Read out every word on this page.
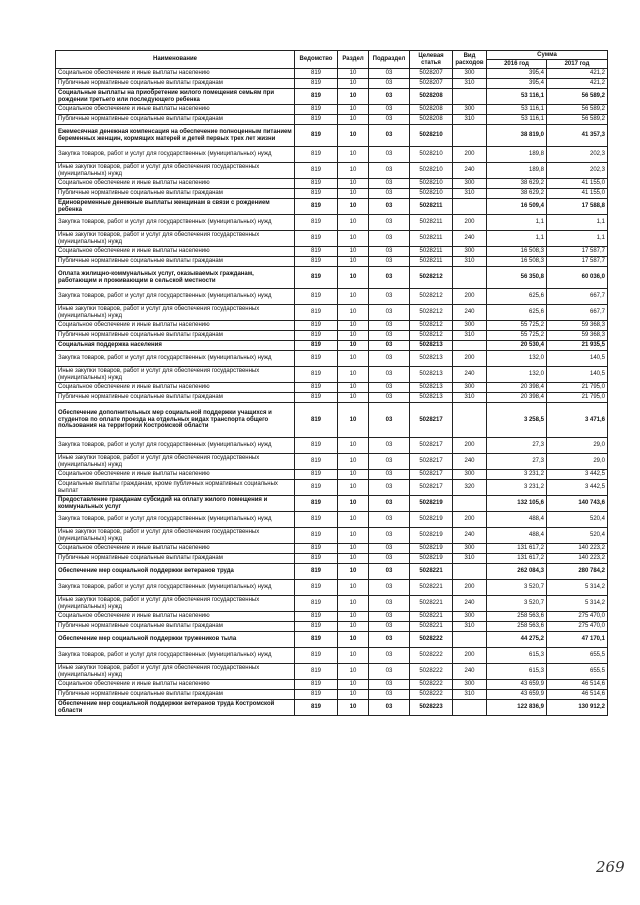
Наименование	Ведомство	Раздел	Подраздел	Целевая статья	Вид расходов	Сумма	
						2016 год	2017 год
Социальное обеспечение и иные выплаты населению	819	10	03	5028207	300	395,4	421,2
Публичные нормативные социальные выплаты гражданам	819	10	03	5028207	310	395,4	421,2
Социальные выплаты на приобретение жилого помещения семьям при рождении третьего или последующего ребенка	819	10	03	5028208		53 116,1	56 589,2
Социальное обеспечение и иные выплаты населению	819	10	03	5028208	300	53 116,1	56 589,2
Публичные нормативные социальные выплаты гражданам	819	10	03	5028208	310	53 116,1	56 589,2
Ежемесячная денежная компенсация на обеспечение полноценным питанием беременных женщин, кормящих матерей и детей первых трех лет жизни	819	10	03	5028210		38 819,0	41 357,3
Закупка товаров, работ и услуг для государственных (муниципальных) нужд	819	10	03	5028210	200	189,8	202,3
Иные закупки товаров, работ и услуг для обеспечения государственных (муниципальных) нужд	819	10	03	5028210	240	189,8	202,3
Социальное обеспечение и иные выплаты населению	819	10	03	5028210	300	38 629,2	41 155,0
Публичные нормативные социальные выплаты гражданам	819	10	03	5028210	310	38 629,2	41 155,0
Единовременные денежные выплаты женщинам в связи с рождением ребенка	819	10	03	5028211		16 509,4	17 588,8
Закупка товаров, работ и услуг для государственных (муниципальных) нужд	819	10	03	5028211	200	1,1	1,1
Иные закупки товаров, работ и услуг для обеспечения государственных (муниципальных) нужд	819	10	03	5028211	240	1,1	1,1
Социальное обеспечение и иные выплаты населению	819	10	03	5028211	300	16 508,3	17 587,7
Публичные нормативные социальные выплаты гражданам	819	10	03	5028211	310	16 508,3	17 587,7
Оплата жилищно-коммунальных услуг, оказываемых гражданам, работающим и проживающим в сельской местности	819	10	03	5028212		56 350,8	60 036,0
Закупка товаров, работ и услуг для государственных (муниципальных) нужд	819	10	03	5028212	200	625,6	667,7
Иные закупки товаров, работ и услуг для обеспечения государственных (муниципальных) нужд	819	10	03	5028212	240	625,6	667,7
Социальное обеспечение и иные выплаты населению	819	10	03	5028212	300	55 725,2	59 368,3
Публичные нормативные социальные выплаты гражданам	819	10	03	5028212	310	55 725,2	59 368,3
Социальная поддержка населения	819	10	03	5028213		20 530,4	21 935,5
Закупка товаров, работ и услуг для государственных (муниципальных) нужд	819	10	03	5028213	200	132,0	140,5
Иные закупки товаров, работ и услуг для обеспечения государственных (муниципальных) нужд	819	10	03	5028213	240	132,0	140,5
Социальное обеспечение и иные выплаты населению	819	10	03	5028213	300	20 398,4	21 795,0
Публичные нормативные социальные выплаты гражданам	819	10	03	5028213	310	20 398,4	21 795,0
Обеспечение дополнительных мер социальной поддержки учащихся и студентов по оплате проезда на отдельных видах транспорта общего пользования на территории Костромской области	819	10	03	5028217		3 258,5	3 471,6
Закупка товаров, работ и услуг для государственных (муниципальных) нужд	819	10	03	5028217	200	27,3	29,0
Иные закупки товаров, работ и услуг для обеспечения государственных (муниципальных) нужд	819	10	03	5028217	240	27,3	29,0
Социальное обеспечение и иные выплаты населению	819	10	03	5028217	300	3 231,2	3 442,5
Социальные выплаты гражданам, кроме публичных нормативных социальных выплат	819	10	03	5028217	320	3 231,2	3 442,5
Предоставление гражданам субсидий на оплату жилого помещения и коммунальных услуг	819	10	03	5028219		132 105,6	140 743,6
Закупка товаров, работ и услуг для государственных (муниципальных) нужд	819	10	03	5028219	200	488,4	520,4
Иные закупки товаров, работ и услуг для обеспечения государственных (муниципальных) нужд	819	10	03	5028219	240	488,4	520,4
Социальное обеспечение и иные выплаты населению	819	10	03	5028219	300	131 617,2	140 223,2
Публичные нормативные социальные выплаты гражданам	819	10	03	5028219	310	131 617,2	140 223,2
Обеспечение мер социальной поддержки ветеранов труда	819	10	03	5028221		262 084,3	280 784,2
Закупка товаров, работ и услуг для государственных (муниципальных) нужд	819	10	03	5028221	200	3 520,7	5 314,2
Иные закупки товаров, работ и услуг для обеспечения государственных (муниципальных) нужд	819	10	03	5028221	240	3 520,7	5 314,2
Социальное обеспечение и иные выплаты населению	819	10	03	5028221	300	258 563,6	275 470,0
Публичные нормативные социальные выплаты гражданам	819	10	03	5028221	310	258 563,6	275 470,0
Обеспечение мер социальной поддержки тружеников тыла	819	10	03	5028222		44 275,2	47 170,1
Закупка товаров, работ и услуг для государственных (муниципальных) нужд	819	10	03	5028222	200	615,3	655,5
Иные закупки товаров, работ и услуг для обеспечения государственных (муниципальных) нужд	819	10	03	5028222	240	615,3	655,5
Социальное обеспечение и иные выплаты населению	819	10	03	5028222	300	43 659,9	46 514,6
Публичные нормативные социальные выплаты гражданам	819	10	03	5028222	310	43 659,9	46 514,6
Обеспечение мер социальной поддержки ветеранов труда Костромской области	819	10	03	5028223		122 836,9	130 912,2
269
